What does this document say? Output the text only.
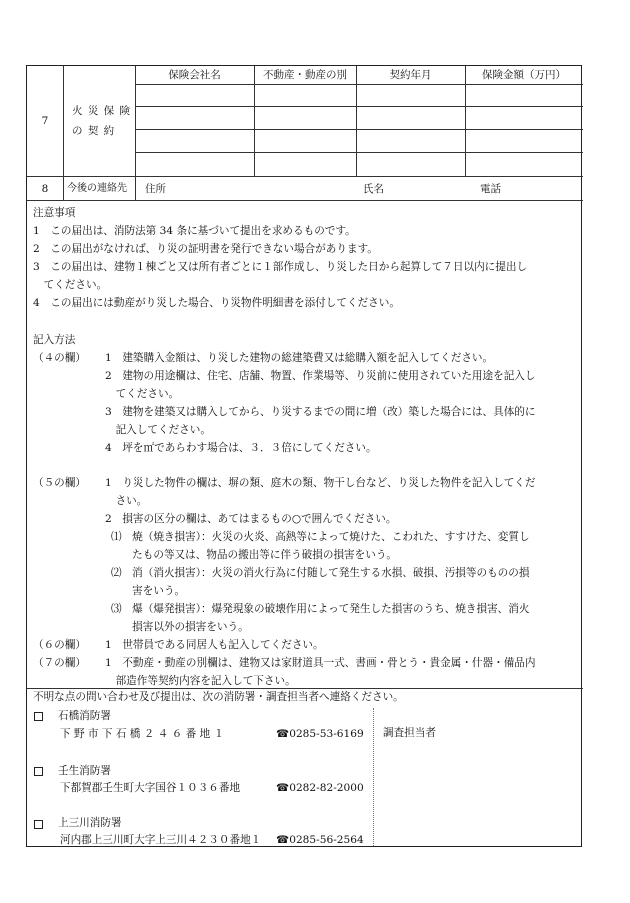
7
火 災 保 険
の 契 約
保険会社名	不動産・動産の別	契約年月	保険金額（万円）
8	今後の連絡先 住所	氏名	電話
注意事項
1　この届出は、消防法第 34 条に基づいて提出を求めるものです。
2　この届出がなければ、り災の証明書を発行できない場合があります。
3　この届出は、建物１棟ごと又は所有者ごとに１部作成し、り災した日から起算して７日以内に提出し
　てください。
4　この届出には動産がり災した場合、り災物件明細書を添付してください。
記入方法
（４の欄） 1　建築購入金額は、り災した建物の総建築費又は総購入額を記入してください。
2　建物の用途欄は、住宅、店舗、物置、作業場等、り災前に使用されていた用途を記入し
　てください。
3　建物を建築又は購入してから、り災するまでの間に増（改）築した場合には、具体的に
　記入してください。
4　坪を㎡であらわす場合は、３．３倍にしてください。
（５の欄） 1　り災した物件の欄は、塀の類、庭木の類、物干し台など、り災した物件を記入してくだ
　さい。
2　損害の区分の欄は、あてはまるもの○で囲んでください。
⑴　焼（焼き損害）：火災の火炎、高熱等によって焼けた、こわれた、すすけた、変質し
　　たもの等又は、物品の搬出等に伴う破損の損害をいう。
⑵　消（消火損害）：火災の消火行為に付随して発生する水損、破損、汚損等のものの損
　　害をいう。
⑶　爆（爆発損害）：爆発現象の破壊作用によって発生した損害のうち、焼き損害、消火
　　損害以外の損害をいう。
（６の欄） 1　世帯員である同居人も記入してください。
（７の欄） 1　不動産・動産の別欄は、建物又は家財道具一式、書画・骨とう・貴金属・什器・備品内
　部造作等契約内容を記入して下さい。
不明な点の問い合わせ及び提出は、次の消防署・調査担当者へ連絡ください。
調査担当者
石橋消防署
下 野 市 下 石 橋 ２ ４ ６ 番 地 １	☎0285-53-6169
壬生消防署
下都賀郡壬生町大字国谷１０３６番地	☎0282-82-2000
上三川消防署
河内郡上三川町大字上三川４２３０番地１ ☎0285-56-2564
